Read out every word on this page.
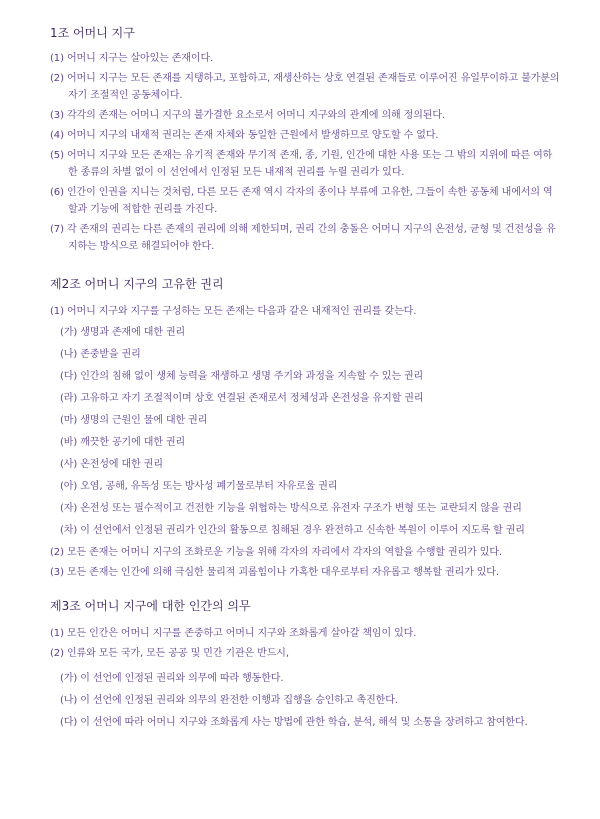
1조 어머니 지구
(1) 어머니 지구는 살아있는 존재이다.
(2) 어머니 지구는 모든 존재를 지탱하고, 포함하고, 재생산하는 상호 연결된 존재들로 이루어진 유일무이하고 불가분의 자기 조절적인 공동체이다.
(3) 각각의 존재는 어머니 지구의 불가결한 요소로서 어머니 지구와의 관계에 의해 정의된다.
(4) 어머니 지구의 내재적 권리는 존재 자체와 동일한 근원에서 발생하므로 양도할 수 없다.
(5) 어머니 지구와 모든 존재는 유기적 존재와 무기적 존재, 종, 기원, 인간에 대한 사용 또는 그 밖의 지위에 따른 여하한 종류의 차별 없이 이 선언에서 인정된 모든 내재적 권리를 누릴 권리가 있다.
(6) 인간이 인권을 지니는 것처럼, 다른 모든 존재 역시 각자의 종이나 부류에 고유한, 그들이 속한 공동체 내에서의 역할과 기능에 적합한 권리를 가진다.
(7) 각 존재의 권리는 다른 존재의 권리에 의해 제한되며, 권리 간의 충돌은 어머니 지구의 온전성, 균형 및 건전성을 유지하는 방식으로 해결되어야 한다.
제2조 어머니 지구의 고유한 권리
(1) 어머니 지구와 지구를 구성하는 모든 존재는 다음과 같은 내재적인 권리를 갖는다.
(가) 생명과 존재에 대한 권리
(나) 존중받을 권리
(다) 인간의 침해 없이 생체 능력을 재생하고 생명 주기와 과정을 지속할 수 있는 권리
(라) 고유하고 자기 조절적이며 상호 연결된 존재로서 정체성과 온전성을 유지할 권리
(마) 생명의 근원인 물에 대한 권리
(바) 깨끗한 공기에 대한 권리
(사) 온전성에 대한 권리
(아) 오염, 공해, 유독성 또는 방사성 폐기물로부터 자유로울 권리
(자) 온전성 또는 필수적이고 건전한 기능을 위협하는 방식으로 유전자 구조가 변형 또는 교란되지 않을 권리
(차) 이 선언에서 인정된 권리가 인간의 활동으로 침해된 경우 완전하고 신속한 복원이 이루어 지도록 할 권리
(2) 모든 존재는 어머니 지구의 조화로운 기능을 위해 각자의 자리에서 각자의 역할을 수행할 권리가 있다.
(3) 모든 존재는 인간에 의해 극심한 물리적 괴롭힘이나 가혹한 대우로부터 자유롭고 행복할 권리가 있다.
제3조 어머니 지구에 대한 인간의 의무
(1) 모든 인간은 어머니 지구를 존중하고 어머니 지구와 조화롭게 살아갈 책임이 있다.
(2) 인류와 모든 국가, 모든 공공 및 민간 기관은 반드시,
(가) 이 선언에 인정된 권리와 의무에 따라 행동한다.
(나) 이 선언에 인정된 권리와 의무의 완전한 이행과 집행을 승인하고 촉진한다.
(다) 이 선언에 따라 어머니 지구와 조화롭게 사는 방법에 관한 학습, 분석, 해석 및 소통을 장려하고 참여한다.
